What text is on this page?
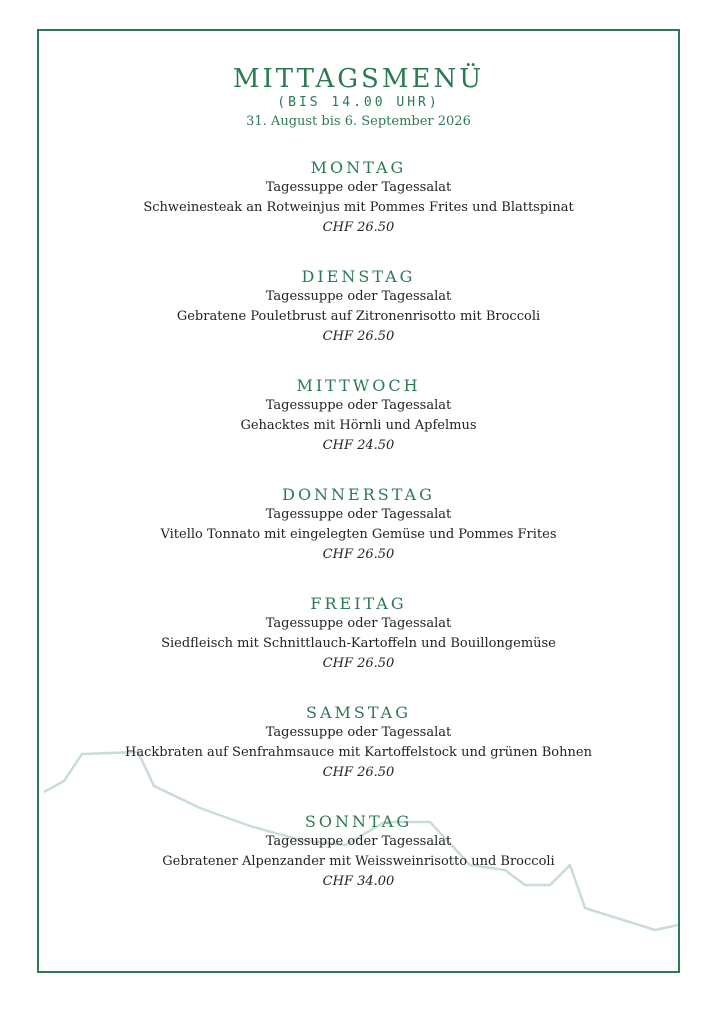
MITTAGSMENÜ
(BIS 14.00 UHR)
31. August bis 6. September 2026
MONTAG
Tagessuppe oder Tagessalat
Schweinesteak an Rotweinjus mit Pommes Frites und Blattspinat
CHF 26.50
DIENSTAG
Tagessuppe oder Tagessalat
Gebratene Pouletbrust auf Zitronenrisotto mit Broccoli
CHF 26.50
MITTWOCH
Tagessuppe oder Tagessalat
Gehacktes mit Hörnli und Apfelmus
CHF 24.50
DONNERSTAG
Tagessuppe oder Tagessalat
Vitello Tonnato mit eingelegten Gemüse und Pommes Frites
CHF 26.50
FREITAG
Tagessuppe oder Tagessalat
Siedfleisch mit Schnittlauch-Kartoffeln und Bouillongemüse
CHF 26.50
SAMSTAG
Tagessuppe oder Tagessalat
Hackbraten auf Senfrahmsauce mit Kartoffelstock und grünen Bohnen
CHF 26.50
SONNTAG
Tagessuppe oder Tagessalat
Gebratener Alpenzander mit Weissweinrisotto und Broccoli
CHF 34.00
